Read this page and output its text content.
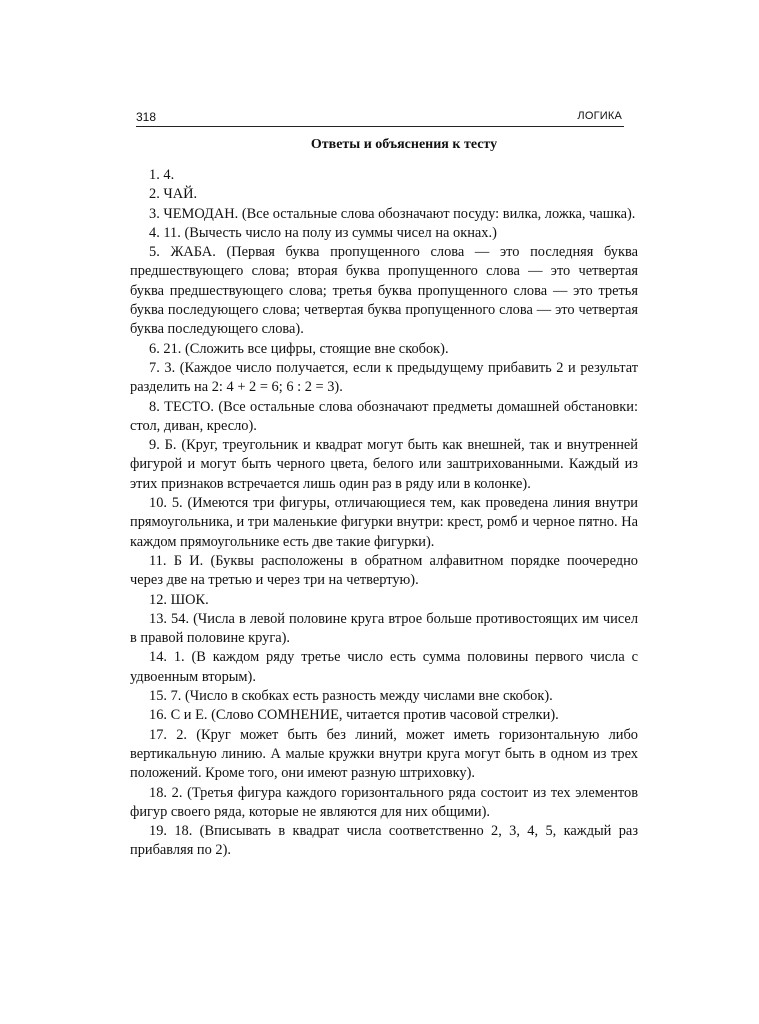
318	ЛОГИКА
Ответы и объяснения к тесту

1. 4.

2. ЧАЙ.

3. ЧЕМОДАН. (Все остальные слова обозначают посуду: вилка, ложка, чашка).

4. 11. (Вычесть число на полу из суммы чисел на окнах.)

5. ЖАБА. (Первая буква пропущенного слова — это последняя буква предшествующего слова; вторая буква пропущенного слова — это четвертая буква предшествующего слова; третья буква пропущенного слова — это третья буква последующего слова; четвертая буква пропущенного слова — это четвертая буква последующего слова).

6. 21. (Сложить все цифры, стоящие вне скобок).

7. 3. (Каждое число получается, если к предыдущему прибавить 2 и результат разделить на 2: 4 + 2 = 6; 6 : 2 = 3).

8. ТЕСТО. (Все остальные слова обозначают предметы домашней обстановки: стол, диван, кресло).

9. Б. (Круг, треугольник и квадрат могут быть как внешней, так и внутренней фигурой и могут быть черного цвета, белого или заштрихованными. Каждый из этих признаков встречается лишь один раз в ряду или в колонке).

10. 5. (Имеются три фигуры, отличающиеся тем, как проведена линия внутри прямоугольника, и три маленькие фигурки внутри: крест, ромб и черное пятно. На каждом прямоугольнике есть две такие фигурки).

11. Б И. (Буквы расположены в обратном алфавитном порядке поочередно через две на третью и через три на четвертую).

12. ШОК.

13. 54. (Числа в левой половине круга втрое больше противостоящих им чисел в правой половине круга).

14. 1. (В каждом ряду третье число есть сумма половины первого числа с удвоенным вторым).

15. 7. (Число в скобках есть разность между числами вне скобок).

16. С и Е. (Слово СОМНЕНИЕ, читается против часовой стрелки).

17. 2. (Круг может быть без линий, может иметь горизонтальную либо вертикальную линию. А малые кружки внутри круга могут быть в одном из трех положений. Кроме того, они имеют разную штриховку).

18. 2. (Третья фигура каждого горизонтального ряда состоит из тех элементов фигур своего ряда, которые не являются для них общими).

19. 18. (Вписывать в квадрат числа соответственно 2, 3, 4, 5, каждый раз прибавляя по 2).
